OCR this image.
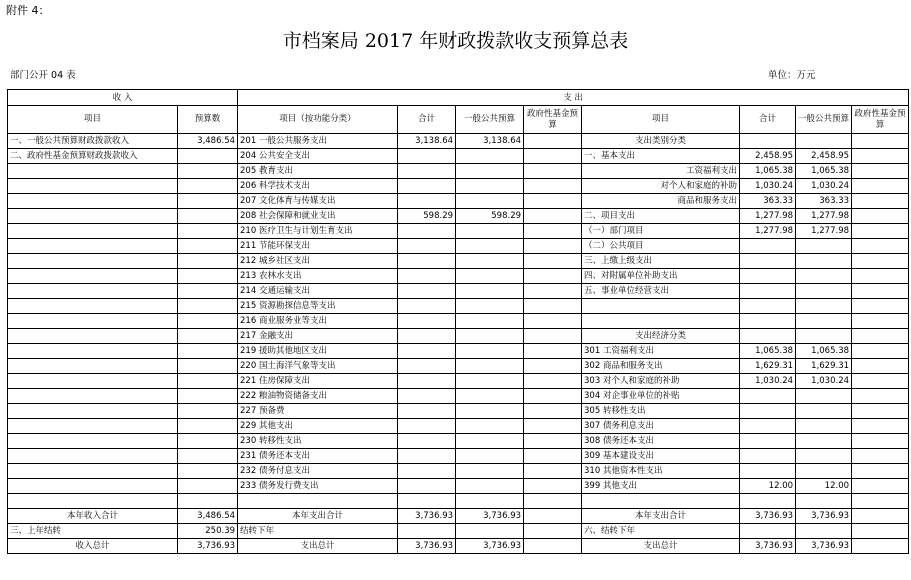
附件 4：
市档案局 2017 年财政拨款收支预算总表
部门公开 04 表	单位：万元
收 入		支 出							
项目	预算数	项目（按功能分类）	合计	一般公共预算	政府性基金预算	项目	合计	一般公共预算	政府性基金预算
一、一般公共预算财政拨款收入	3,486.54	201 一般公共服务支出	3,138.64	3,138.64		支出类别分类			
二、政府性基金预算财政拨款收入		204 公共安全支出				一、基本支出	2,458.95	2,458.95	
		205 教育支出				工资福利支出	1,065.38	1,065.38	
		206 科学技术支出				对个人和家庭的补助	1,030.24	1,030.24	
		207 文化体育与传媒支出				商品和服务支出	363.33	363.33	
		208 社会保障和就业支出	598.29	598.29		二、项目支出	1,277.98	1,277.98	
		210 医疗卫生与计划生育支出				（一）部门项目	1,277.98	1,277.98	
		211 节能环保支出				（二）公共项目			
		212 城乡社区支出				三、上缴上级支出			
		213 农林水支出				四、对附属单位补助支出			
		214 交通运输支出				五、事业单位经营支出			
		215 资源勘探信息等支出							
		216 商业服务业等支出							
		217 金融支出				支出经济分类			
		219 援助其他地区支出				301 工资福利支出	1,065.38	1,065.38	
		220 国土海洋气象等支出				302 商品和服务支出	1,629.31	1,629.31	
		221 住房保障支出				303 对个人和家庭的补助	1,030.24	1,030.24	
		222 粮油物资储备支出				304 对企事业单位的补贴			
		227 预备费				305 转移性支出			
		229 其他支出				307 债务利息支出			
		230 转移性支出				308 债务还本支出			
		231 债务还本支出				309 基本建设支出			
		232 债务付息支出				310 其他资本性支出			
		233 债务发行费支出				399 其他支出	12.00	12.00	

本年收入合计	3,486.54	本年支出合计	3,736.93	3,736.93		本年支出合计	3,736.93	3,736.93	
三、上年结转	250.39	结转下年				六、结转下年			
收入总计	3,736.93	支出总计	3,736.93	3,736.93		支出总计	3,736.93	3,736.93	
